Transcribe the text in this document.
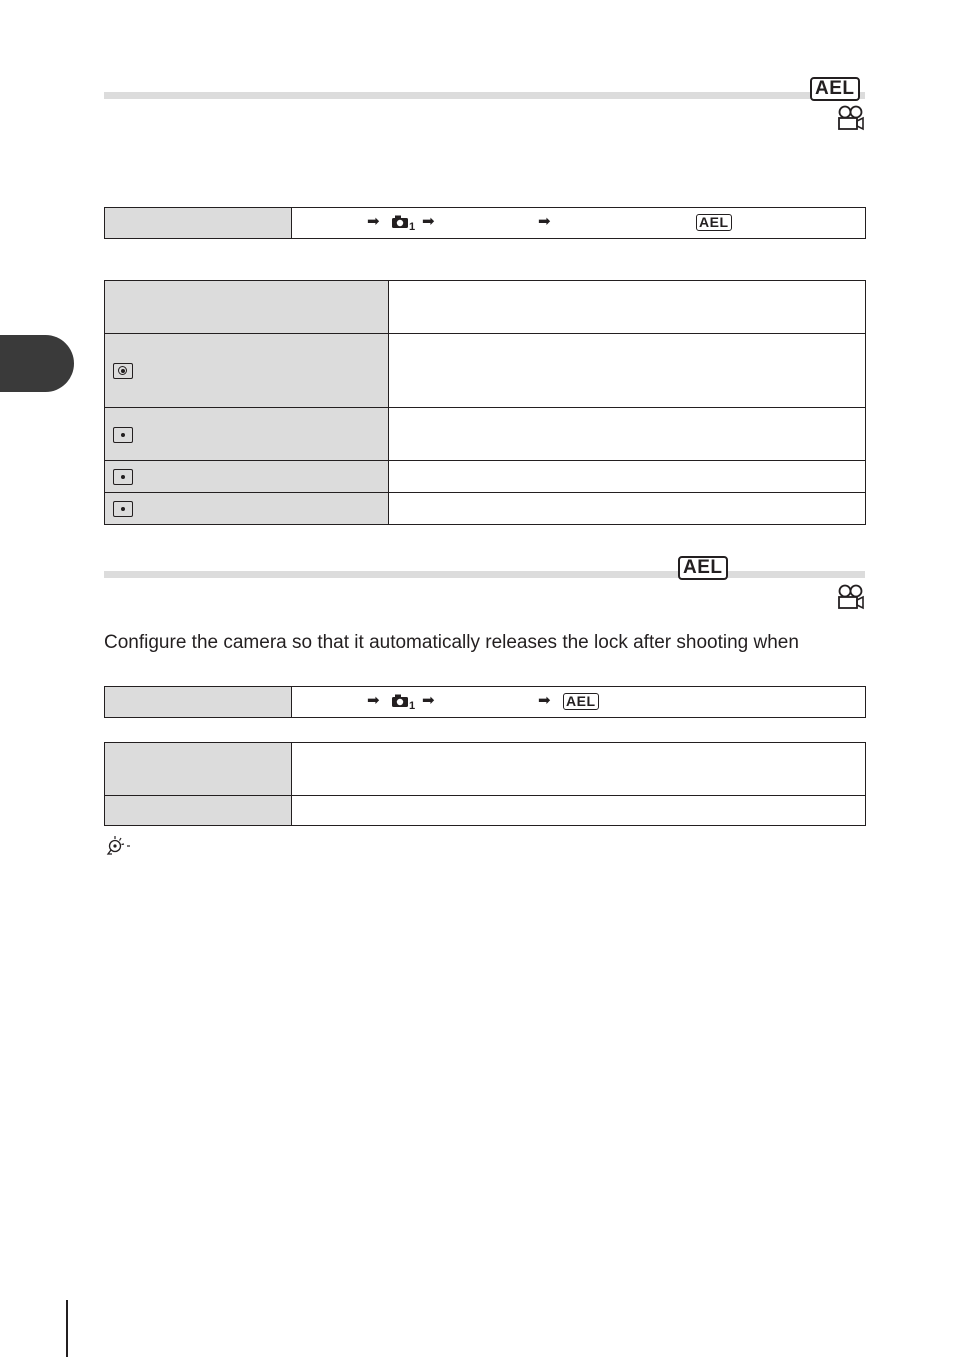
AEL

➡	1 ➡	➡	AEL

AEL
Configure the camera so that it automatically releases the lock after shooting when

➡	1 ➡	➡ AEL
